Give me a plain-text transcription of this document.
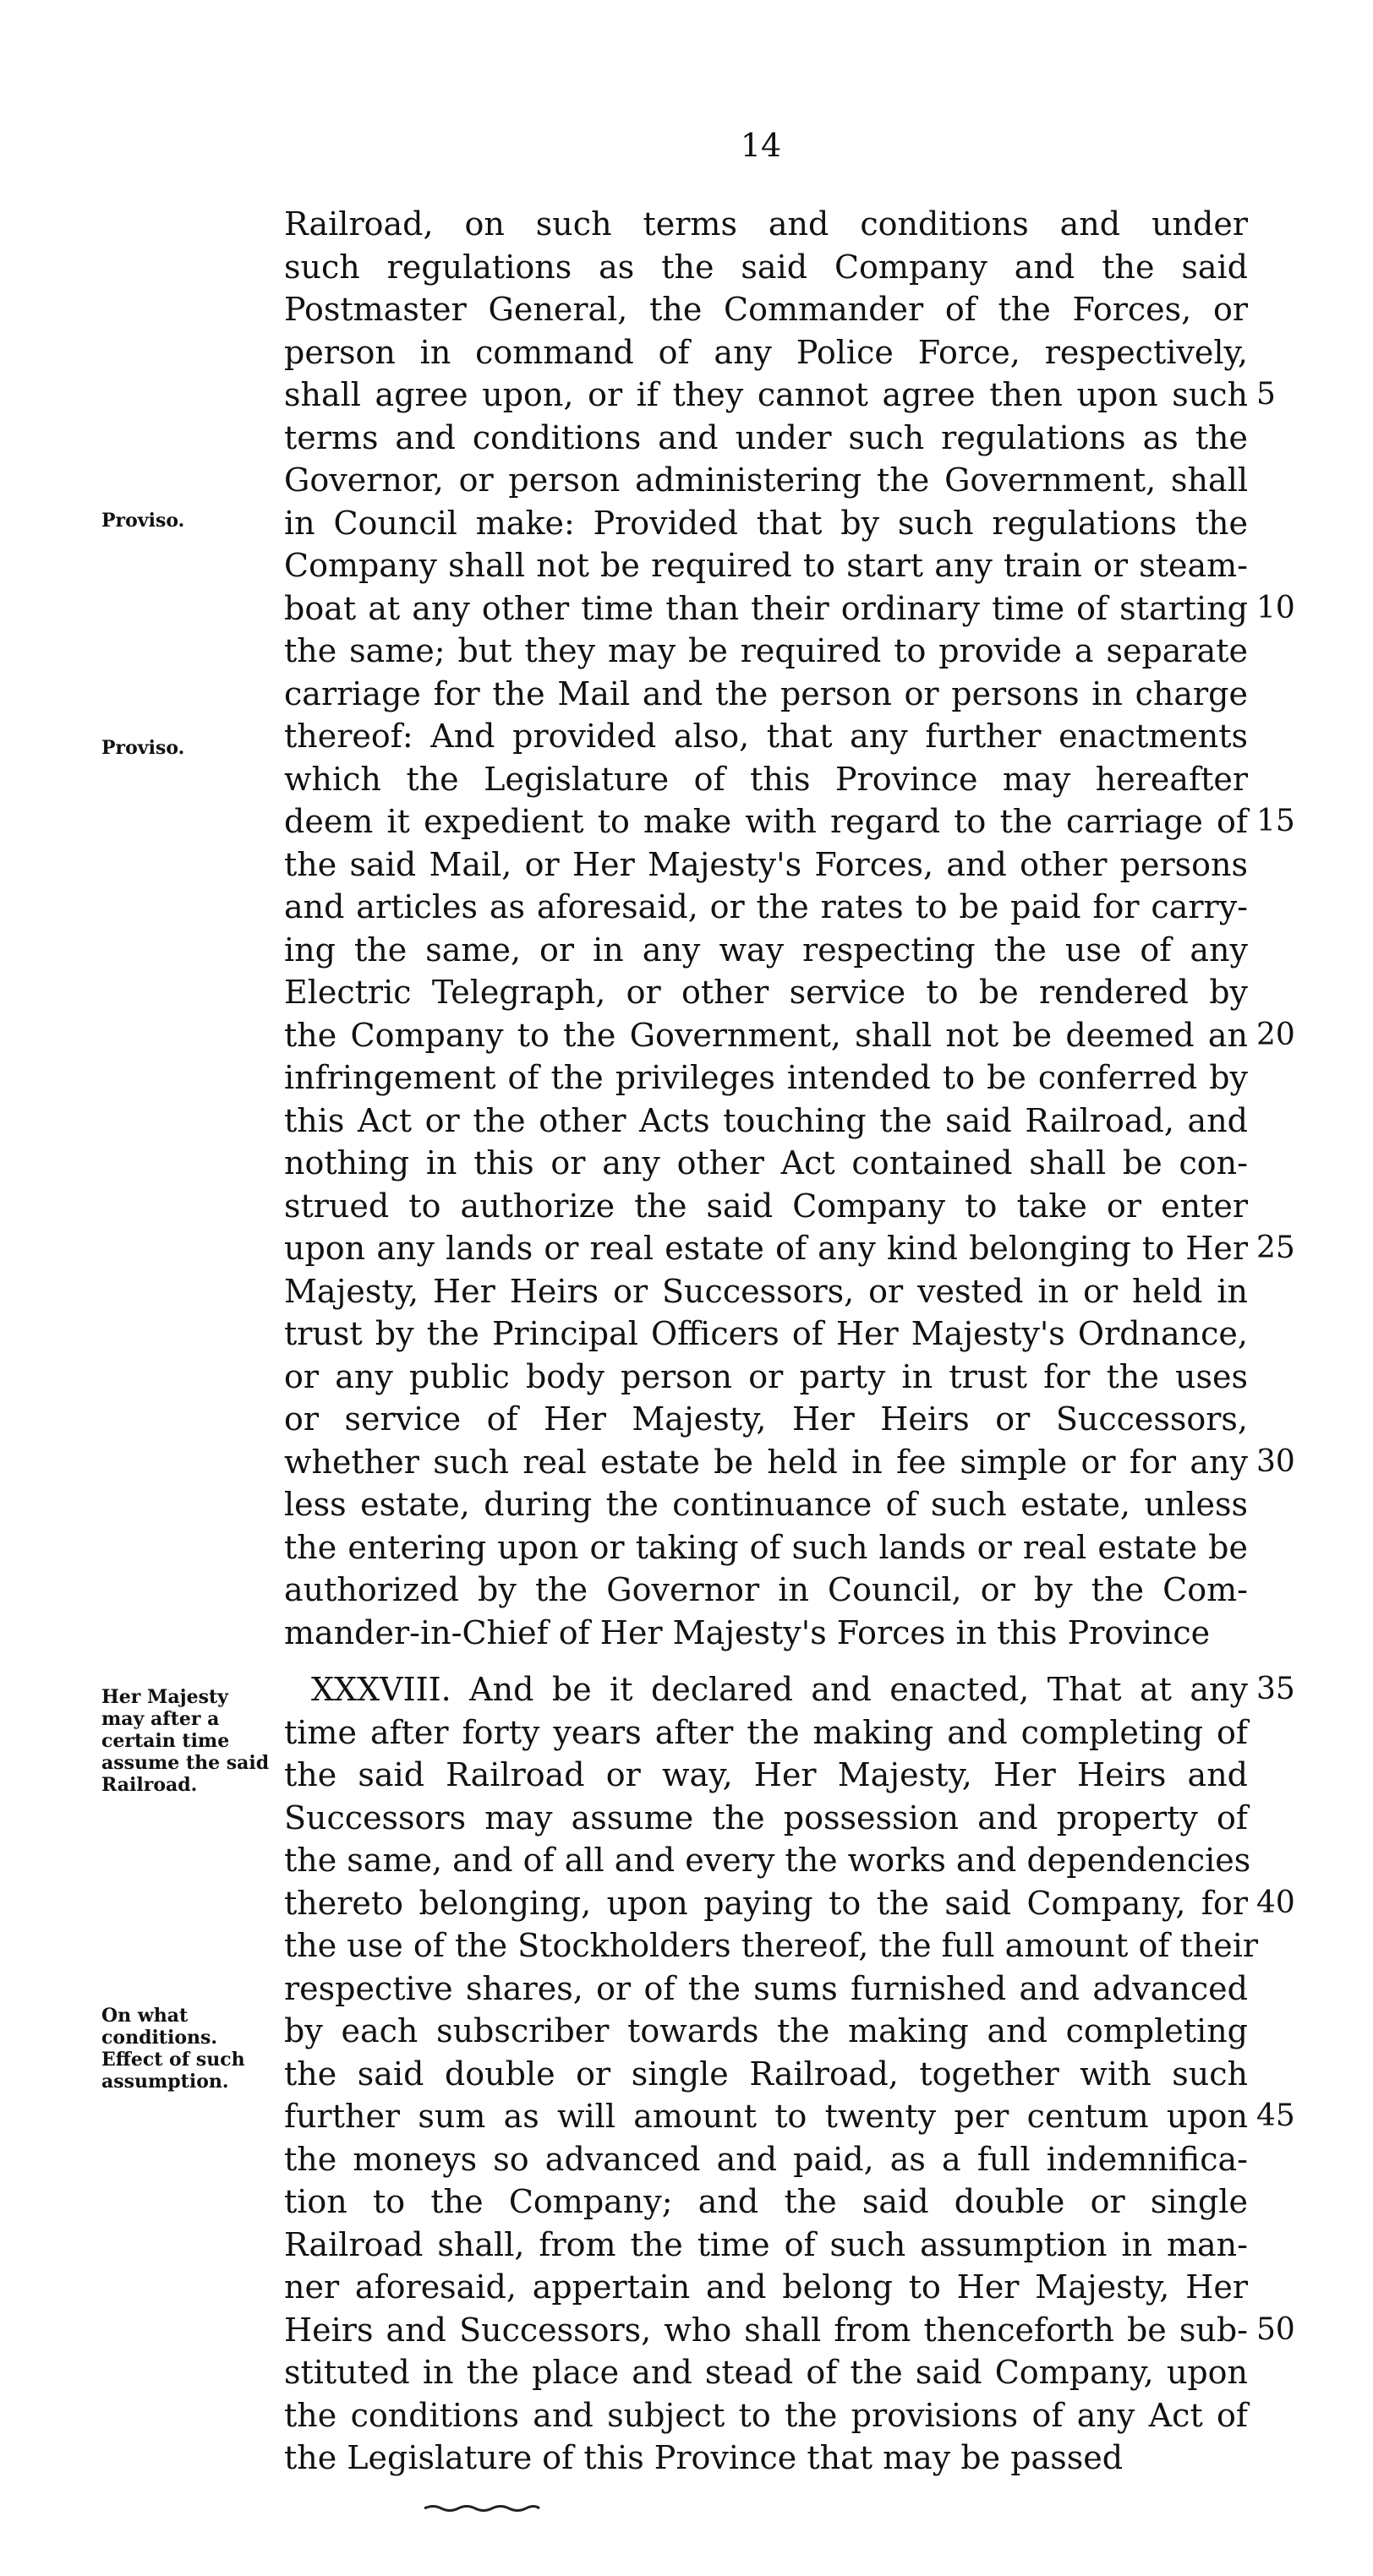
14
Proviso.
Proviso.
Her Majesty may after a certain time assume the said Railroad.
On what conditions. Effect of such assumption.
Railroad, on such terms and conditions and under
such regulations as the said Company and the said
Postmaster General, the Commander of the Forces, or
person in command of any Police Force, respectively,
shall agree upon, or if they cannot agree then upon such 5
terms and conditions and under such regulations as the
Governor, or person administering the Government, shall
in Council make: Provided that by such regulations the
Company shall not be required to start any train or steam-
boat at any other time than their ordinary time of starting 10
the same; but they may be required to provide a separate
carriage for the Mail and the person or persons in charge
thereof: And provided also, that any further enactments
which the Legislature of this Province may hereafter
deem it expedient to make with regard to the carriage of 15
the said Mail, or Her Majesty's Forces, and other persons
and articles as aforesaid, or the rates to be paid for carry-
ing the same, or in any way respecting the use of any
Electric Telegraph, or other service to be rendered by
the Company to the Government, shall not be deemed an 20
infringement of the privileges intended to be conferred by
this Act or the other Acts touching the said Railroad, and
nothing in this or any other Act contained shall be con-
strued to authorize the said Company to take or enter
upon any lands or real estate of any kind belonging to Her 25
Majesty, Her Heirs or Successors, or vested in or held in
trust by the Principal Officers of Her Majesty's Ordnance,
or any public body person or party in trust for the uses
or service of Her Majesty, Her Heirs or Successors,
whether such real estate be held in fee simple or for any 30
less estate, during the continuance of such estate, unless
the entering upon or taking of such lands or real estate be
authorized by the Governor in Council, or by the Com-
mander-in-Chief of Her Majesty's Forces in this Province
XXXVIII. And be it declared and enacted, That at any 35
time after forty years after the making and completing of
the said Railroad or way, Her Majesty, Her Heirs and
Successors may assume the possession and property of
the same, and of all and every the works and dependencies
thereto belonging, upon paying to the said Company, for 40
the use of the Stockholders thereof, the full amount of their
respective shares, or of the sums furnished and advanced
by each subscriber towards the making and completing
the said double or single Railroad, together with such
further sum as will amount to twenty per centum upon 45
the moneys so advanced and paid, as a full indemnifica-
tion to the Company; and the said double or single
Railroad shall, from the time of such assumption in man-
ner aforesaid, appertain and belong to Her Majesty, Her
Heirs and Successors, who shall from thenceforth be sub- 50
stituted in the place and stead of the said Company, upon
the conditions and subject to the provisions of any Act of
the Legislature of this Province that may be passed
